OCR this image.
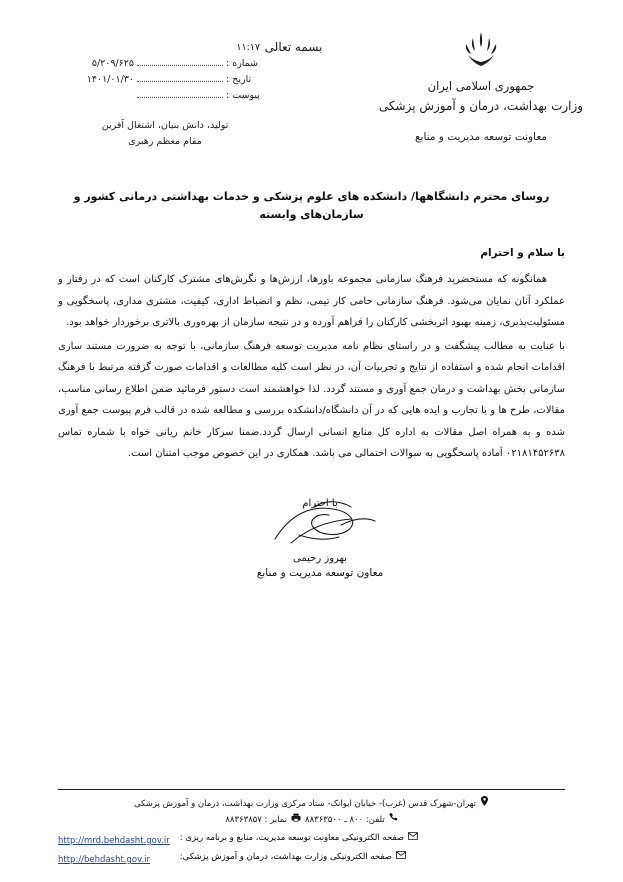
جمهوری اسلامی ایران
وزارت بهداشت، درمان و آموزش پزشکی
معاونت توسعه مدیریت و منابع
بسمه تعالی
۱۱:۱۷
شماره :
۵/۲۰۹/۶۲۵
تاریخ :
۱۴۰۱/۰۱/۳۰
پیوست :
تولید، دانش بنیان، اشتغال آفرین
مقام معظم رهبری
روسای محترم دانشگاهها/ دانشکده های علوم پزشکی و خدمات بهداشتی درمانی کشور و سازمان‌های وابسته
با سلام و احترام

همانگونه که مستحضرید فرهنگ سازمانی مجموعه باورها، ارزش‌ها و نگرش‌های مشترک کارکنان است که در رفتار و عملکرد آنان نمایان می‌شود. فرهنگ سازمانی حامی کار تیمی، نظم و انضباط اداری، کیفیت، مشتری مداری، پاسخگویی و مسئولیت‌پذیری، زمینه بهبود اثربخشی کارکنان را فراهم آورده و در نتیجه سازمان از بهره‌وری بالاتری برخوردار خواهد بود.

با عنایت به مطالب پیشگفت و در راستای نظام نامه مدیریت توسعه فرهنگ سازمانی، با توجه به ضرورت مستند سازی اقدامات انجام شده و استفاده از نتایج و تجربیات آن، در نظر است کلیه مطالعات و اقدامات صورت گرفته مرتبط با فرهنگ سازمانی بخش بهداشت و درمان جمع آوری و مستند گردد. لذا خواهشمند است دستور فرمائید ضمن اطلاع رسانی مناسب، مقالات، طرح ها و یا تجارب و ایده هایی که در آن دانشگاه/دانشکده بررسی و مطالعه شده در قالب فرم پیوست جمع آوری شده و به همراه اصل مقالات به اداره کل منابع انسانی ارسال گردد.ضمنا سرکار خانم ریانی خواه با شماره تماس ۰۲۱۸۱۴۵۲۶۳۸ آماده پاسخگویی به سوالات احتمالی می باشد. همکاری در این خصوص موجب امتنان است.

با احترام
بهروز رحیمی
معاون توسعه مدیریت و منابع
تهران-شهرک قدس (غرب)- خیابان ایوانک- ستاد مرکزی وزارت بهداشت، درمان و آموزش پزشکی
تلفن: ۸۰۰ ـ ۸۸۳۶۳۵۰۰
نمابر : ۸۸۳۶۳۸۵۷
صفحه الکترونیکی معاونت توسعه مدیریت، منابع و برنامه ریزی :
http://mrd.behdasht.gov.ir
صفحه الکترونیکی وزارت بهداشت، درمان و آموزش پزشکی:
http://behdasht.gov.ir
